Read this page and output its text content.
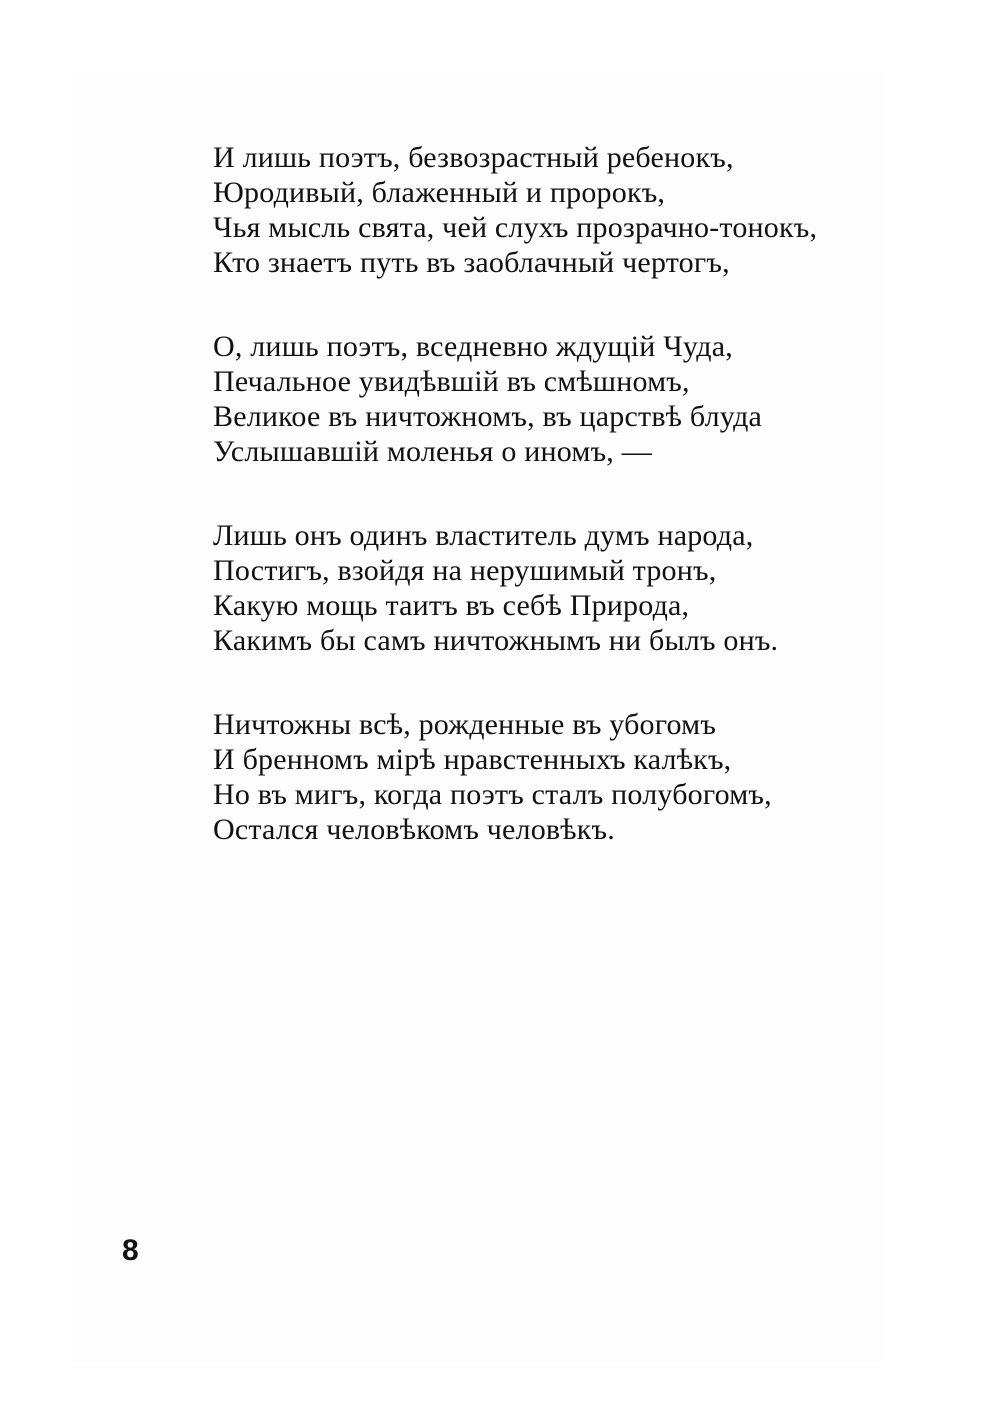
И лишь поэтъ, безвозрастный ребенокъ,
Юродивый, блаженный и пророкъ,
Чья мысль свята, чей слухъ прозрачно-тонокъ,
Кто знаетъ путь въ заоблачный чертогъ,
О, лишь поэтъ, вседневно ждущiй Чуда,
Печальное увидѣвшiй въ смѣшномъ,
Великое въ ничтожномъ, въ царствѣ блуда
Услышавшiй моленья о иномъ, —
Лишь онъ одинъ властитель думъ народа,
Постигъ, взойдя на нерушимый тронъ,
Какую мощь таитъ въ себѣ Природа,
Какимъ бы самъ ничтожнымъ ни былъ онъ.
Ничтожны всѣ, рожденные въ убогомъ
И бренномъ мiрѣ нравстенныхъ калѣкъ,
Но въ мигъ, когда поэтъ сталъ полубогомъ,
Остался человѣкомъ человѣкъ.
8
